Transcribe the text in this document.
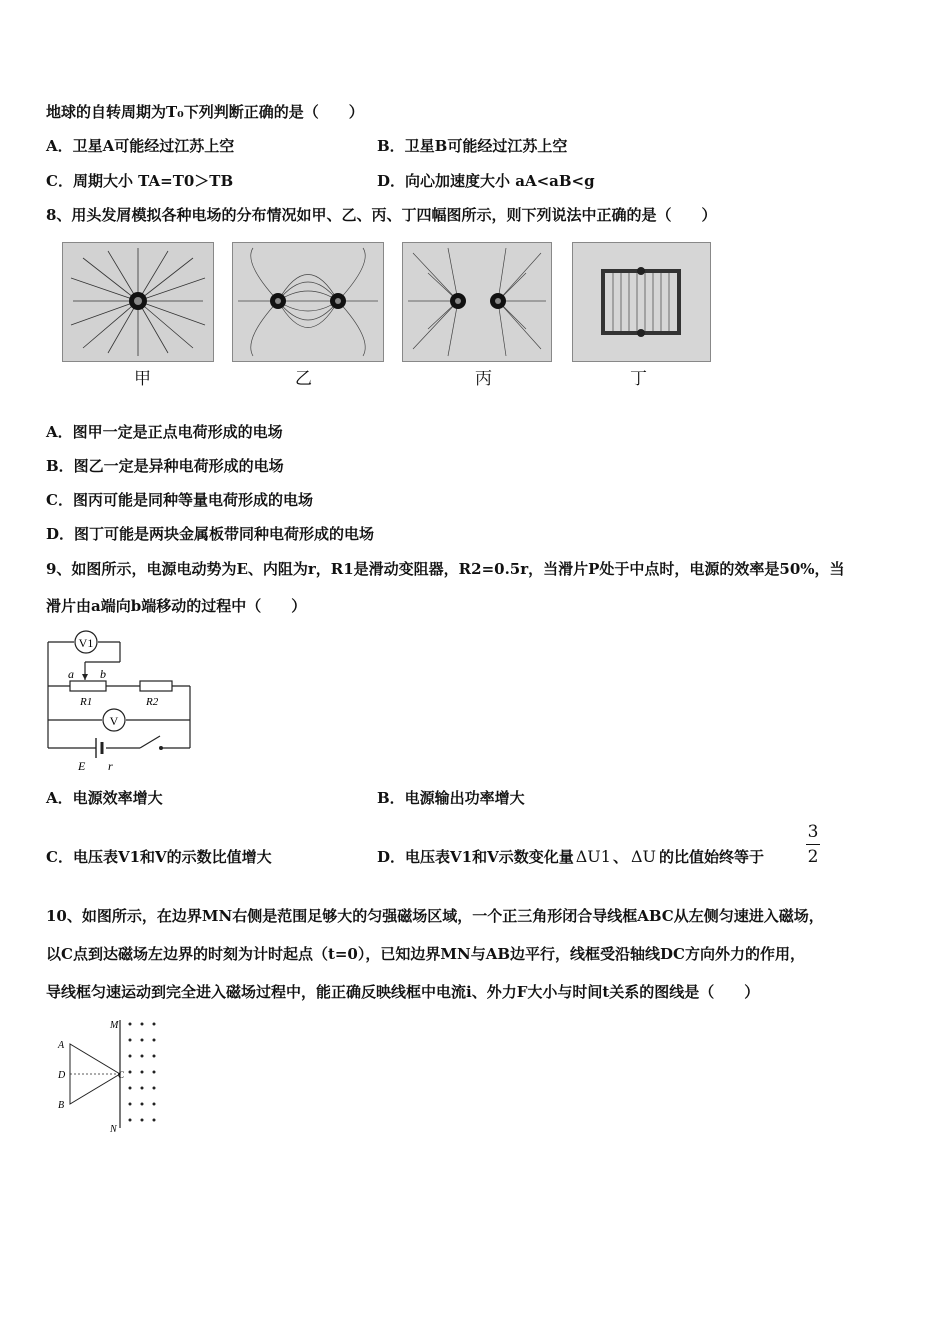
地球的自转周期为T₀下列判断正确的是（　　）
A．卫星A可能经过江苏上空	B．卫星B可能经过江苏上空
C．周期大小 TA=T0＞TB	D．向心加速度大小 aA<aB<g
8、用头发屑模拟各种电场的分布情况如甲、乙、丙、丁四幅图所示，则下列说法中正确的是（　　）
甲	乙	丙	丁
A．图甲一定是正点电荷形成的电场
B．图乙一定是异种电荷形成的电场
C．图丙可能是同种等量电荷形成的电场
D．图丁可能是两块金属板带同种电荷形成的电场
9、如图所示，电源电动势为E、内阻为r，R1是滑动变阻器，R2=0.5r，当滑片P处于中点时，电源的效率是50%，当
滑片由a端向b端移动的过程中（　　）
V1
V
a b
R1	R2
E r
A．电源效率增大	B．电源输出功率增大
C．电压表V1和V的示数比值增大	D．电压表V1和V示数变化量 ΔU1 、 ΔU 的比值始终等于
3
2
10、如图所示，在边界MN右侧是范围足够大的匀强磁场区域，一个正三角形闭合导线框ABC从左侧匀速进入磁场，
以C点到达磁场左边界的时刻为计时起点（t=0），已知边界MN与AB边平行，线框受沿轴线DC方向外力的作用，
导线框匀速运动到完全进入磁场过程中，能正确反映线框中电流i、外力F大小与时间t关系的图线是（　　）
M
N
A
B
D	C
